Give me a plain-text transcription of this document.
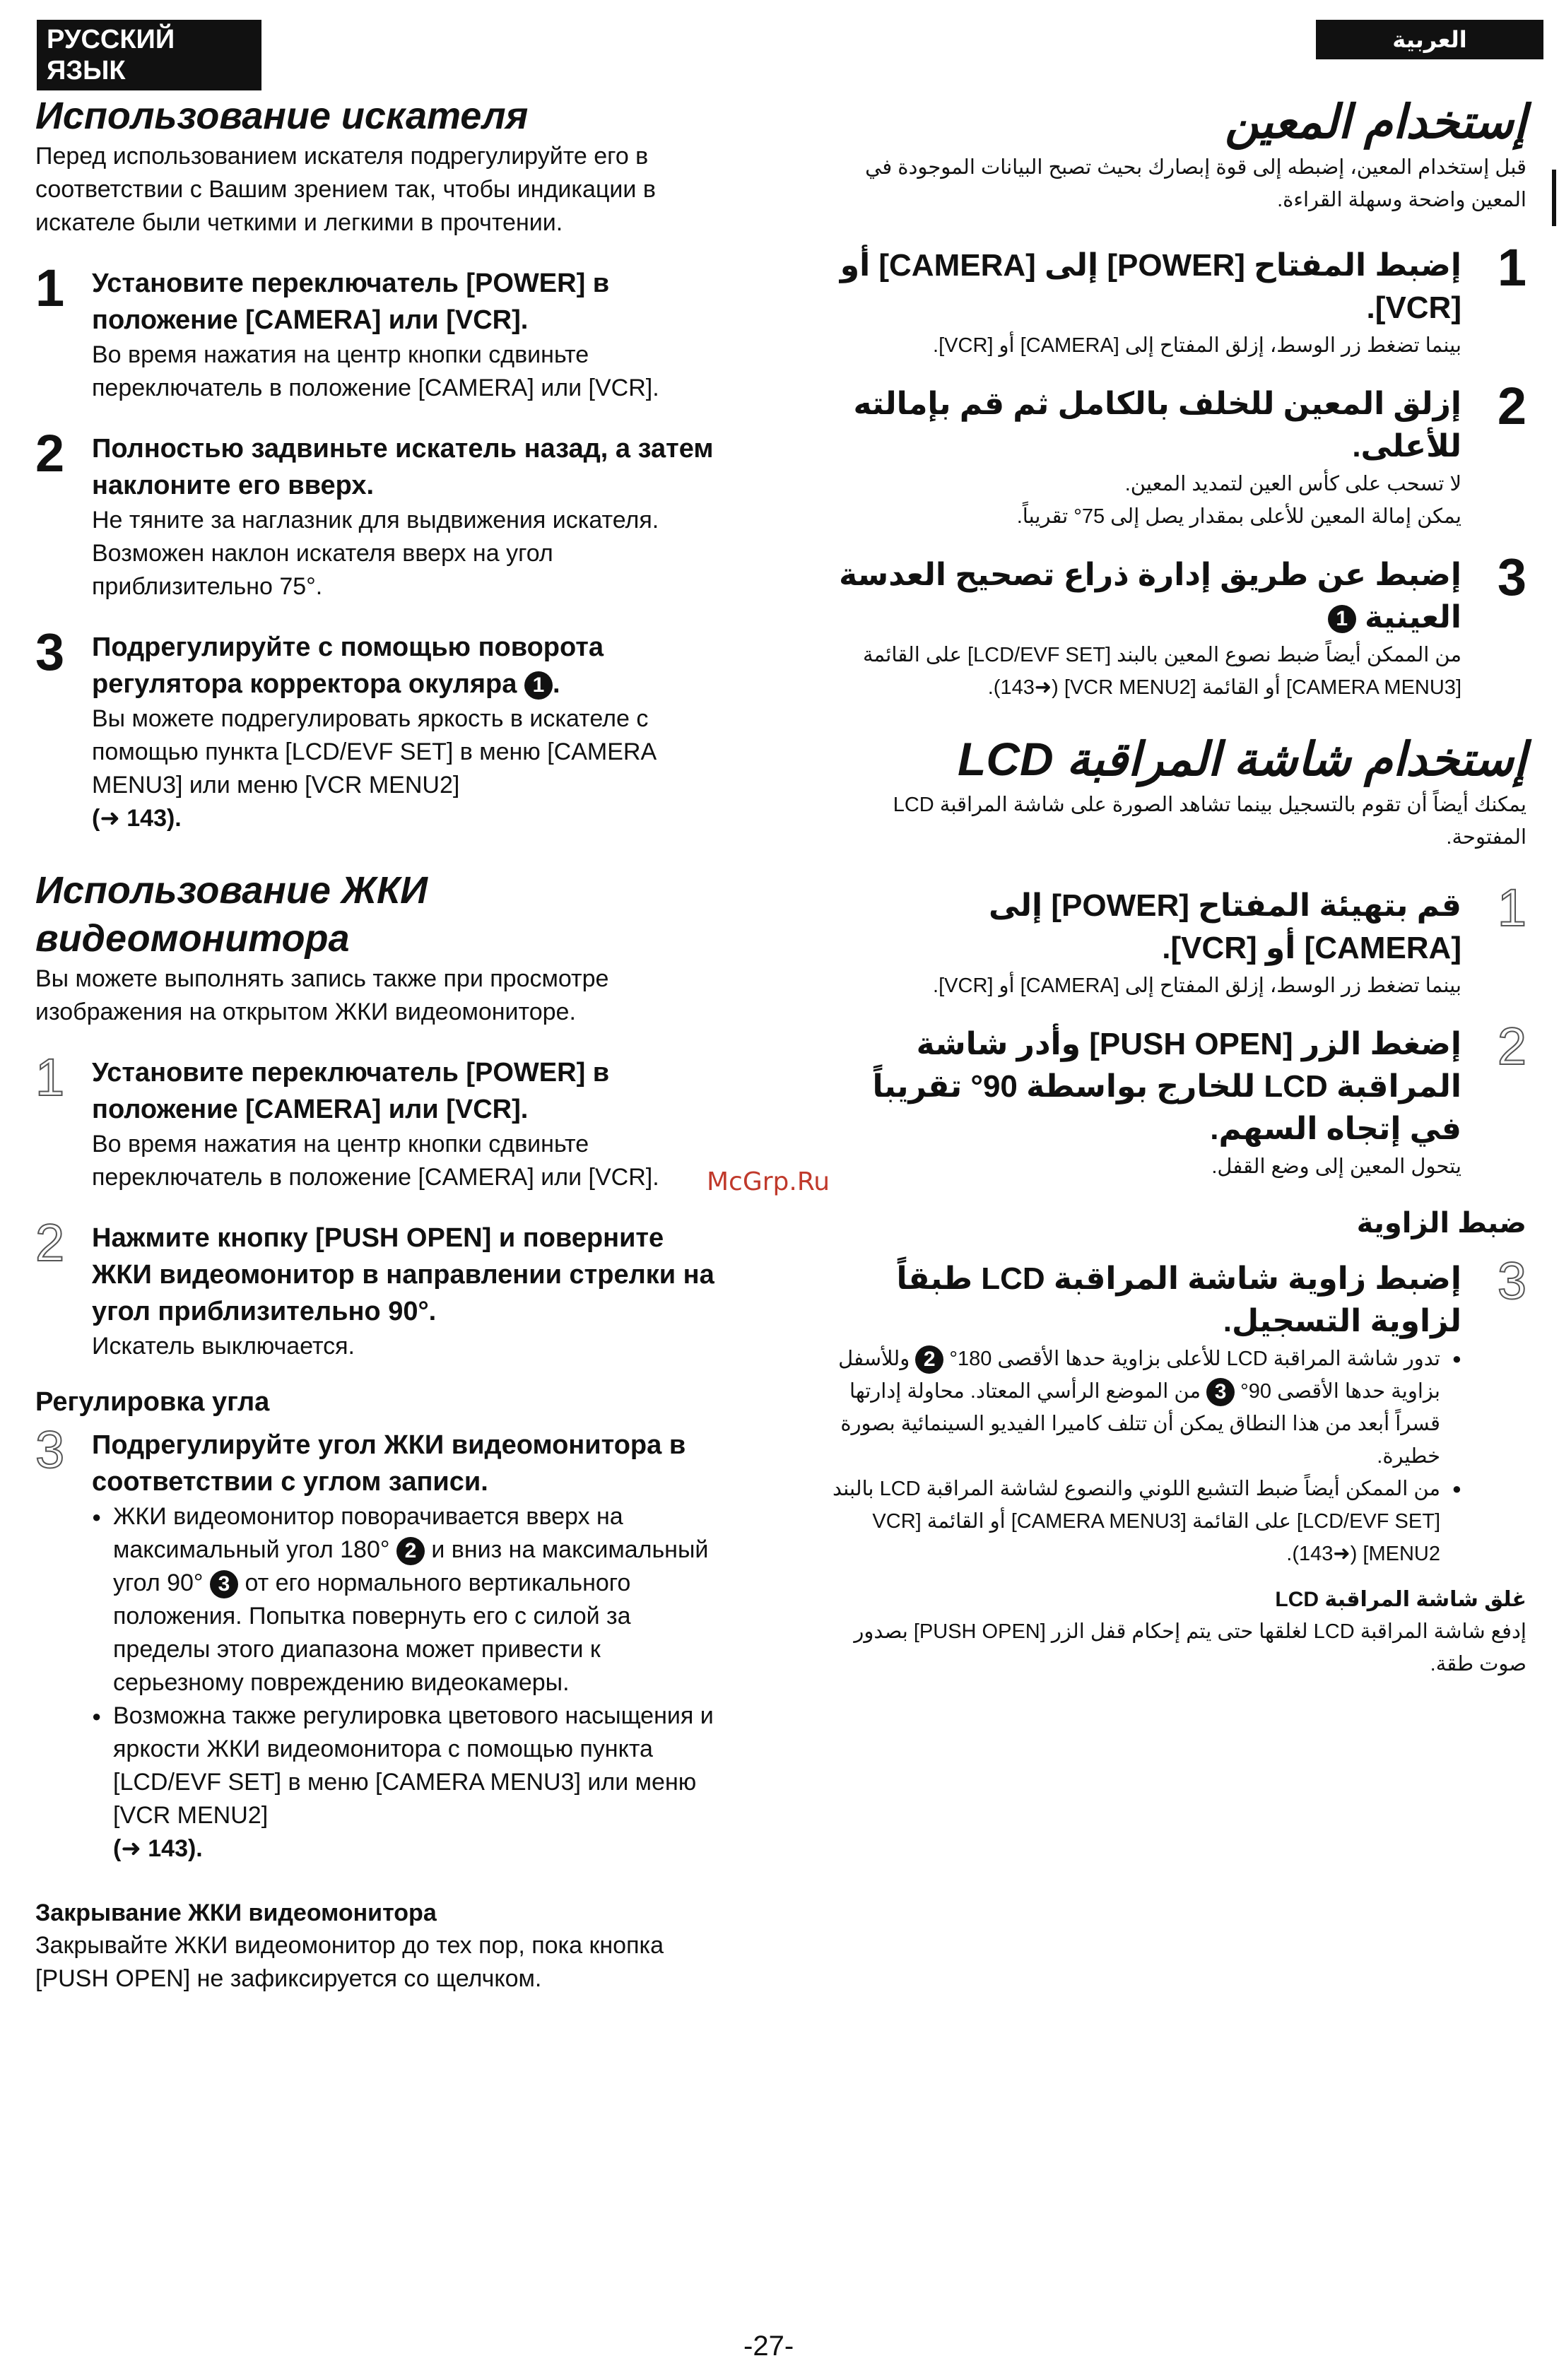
РУССКИЙ ЯЗЫК
العربية
Использование искателя

Перед использованием искателя подрегулируйте его в соответствии с Вашим зрением так, чтобы индикации в искателе были четкими и легкими в прочтении.

1 Установите переключатель [POWER] в положение [CAMERA] или [VCR].

Во время нажатия на центр кнопки сдвиньте переключатель в положение [CAMERA] или [VCR].

2 Полностью задвиньте искатель назад, а затем наклоните его вверх.

Не тяните за наглазник для выдвижения искателя. Возможен наклон искателя вверх на угол приблизительно 75°.

3 Подрегулируйте с помощью поворота регулятора корректора окуляра 1 .

Вы можете подрегулировать яркость в искателе с помощью пункта [LCD/EVF SET] в меню [CAMERA MENU3] или меню [VCR MENU2]

(➜ 143).

Использование ЖКИ видеомонитора

Вы можете выполнять запись также при просмотре изображения на открытом ЖКИ видеомониторе.

1 Установите переключатель [POWER] в положение [CAMERA] или [VCR].

Во время нажатия на центр кнопки сдвиньте переключатель в положение [CAMERA] или [VCR].

2 Нажмите кнопку [PUSH OPEN] и поверните ЖКИ видеомонитор в направлении стрелки на угол приблизительно 90°.

Искатель выключается.

Регулировка угла

3 Подрегулируйте угол ЖКИ видеомонитора в соответствии с углом записи.

● ЖКИ видеомонитор поворачивается вверх на максимальный угол 180° 2 и вниз на максимальный угол 90° 3 от его нормального вертикального положения. Попытка повернуть его с силой за пределы этого диапазона может привести к серьезному повреждению видеокамеры.

● Возможна также регулировка цветового насыщения и яркости ЖКИ видеомонитора с помощью пункта [LCD/EVF SET] в меню [CAMERA MENU3] или меню [VCR MENU2]
(➜ 143).

Закрывание ЖКИ видеомонитора

Закрывайте ЖКИ видеомонитор до тех пор, пока кнопка [PUSH OPEN] не зафиксируется со щелчком.

إستخدام المعين

قبل إستخدام المعين، إضبطه إلى قوة إبصارك بحيث تصبح البيانات الموجودة في المعين واضحة وسهلة القراءة.

1

إضبط المفتاح [POWER] إلى [CAMERA] أو [VCR].

بينما تضغط زر الوسط، إزلق المفتاح إلى [CAMERA] أو [VCR].

2

إزلق المعين للخلف بالكامل ثم قم بإمالته للأعلى.

لا تسحب على كأس العين لتمديد المعين.

يمكن إمالة المعين للأعلى بمقدار يصل إلى 75° تقريباً.

3

إضبط عن طريق إدارة ذراع تصحيح العدسة العينية 1

من الممكن أيضاً ضبط نصوع المعين بالبند [LCD/EVF SET] على القائمة [CAMERA MENU3] أو القائمة [VCR MENU2] (➜143).

إستخدام شاشة المراقبة LCD

يمكنك أيضاً أن تقوم بالتسجيل بينما تشاهد الصورة على شاشة المراقبة LCD المفتوحة.

1

قم بتهيئة المفتاح [POWER] إلى [CAMERA] أو [VCR].

بينما تضغط زر الوسط، إزلق المفتاح إلى [CAMERA] أو [VCR].

2

إضغط الزر [PUSH OPEN] وأدر شاشة المراقبة LCD للخارج بواسطة 90° تقريباً في إتجاه السهم.

يتحول المعين إلى وضع القفل.

ضبط الزاوية

3

إضبط زاوية شاشة المراقبة LCD طبقاً لزاوية التسجيل.

● تدور شاشة المراقبة LCD للأعلى بزاوية حدها الأقصى 180° 2 وللأسفل بزاوية حدها الأقصى 90° 3 من الموضع الرأسي المعتاد. محاولة إدارتها قسراً أبعد من هذا النطاق يمكن أن تتلف كاميرا الفيديو السينمائية بصورة خطيرة.

● من الممكن أيضاً ضبط التشبع اللوني والنصوع لشاشة المراقبة LCD بالبند [LCD/EVF SET] على القائمة [CAMERA MENU3] أو القائمة [VCR MENU2] (➜143).

غلق شاشة المراقبة LCD

إدفع شاشة المراقبة LCD لغلقها حتى يتم إحكام قفل الزر [PUSH OPEN] بصدور صوت طقة.

McGrp.Ru
-27-
